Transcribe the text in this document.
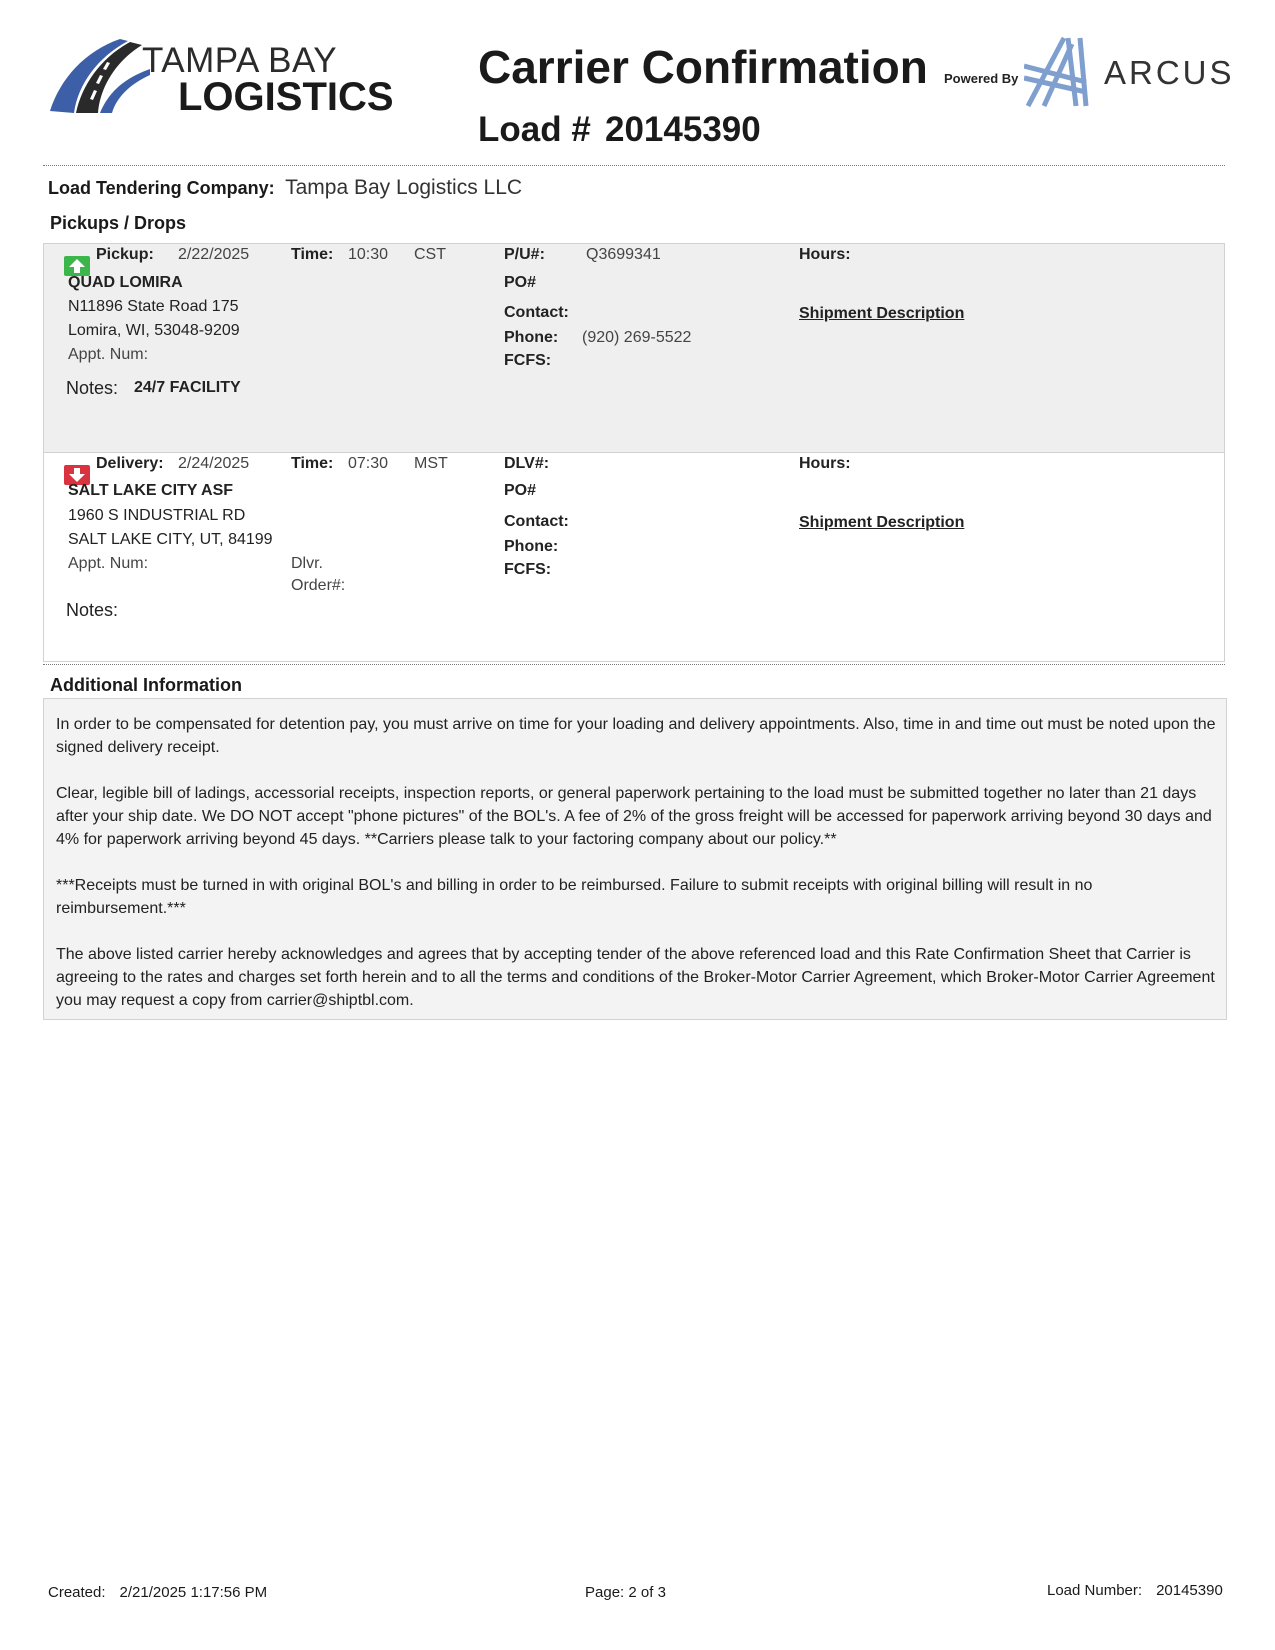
TAMPA BAY
LOGISTICS
Carrier Confirmation
Load # 20145390
Powered By	ARCUS
Load Tendering Company: Tampa Bay Logistics LLC
Pickups / Drops
Pickup: 2/22/2025	Time: 10:30 CST
QUAD LOMIRA
N11896 State Road 175
Lomira, WI, 53048-9209
Appt. Num:
Notes: 24/7 FACILITY
P/U#:	Q3699341
PO#
Contact:
Phone: (920) 269-5522
FCFS:
Hours:
Shipment Description
Delivery: 2/24/2025	Time: 07:30 MST
SALT LAKE CITY ASF
1960 S INDUSTRIAL RD
SALT LAKE CITY, UT, 84199
Appt. Num:	Dlvr.
Order#:
Notes:
DLV#:
PO#
Contact:
Phone:
FCFS:
Hours:
Shipment Description
Additional Information

In order to be compensated for detention pay, you must arrive on time for your loading and delivery appointments. Also, time in and time out must be noted upon the signed delivery receipt.

Clear, legible bill of ladings, accessorial receipts, inspection reports, or general paperwork pertaining to the load must be submitted together no later than 21 days after your ship date. We DO NOT accept "phone pictures" of the BOL's. A fee of 2% of the gross freight will be accessed for paperwork arriving beyond 30 days and 4% for paperwork arriving beyond 45 days. **Carriers please talk to your factoring company about our policy.**

***Receipts must be turned in with original BOL's and billing in order to be reimbursed. Failure to submit receipts with original billing will result in no reimbursement.***

The above listed carrier hereby acknowledges and agrees that by accepting tender of the above referenced load and this Rate Confirmation Sheet that Carrier is agreeing to the rates and charges set forth herein and to all the terms and conditions of the Broker-Motor Carrier Agreement, which Broker-Motor Carrier Agreement you may request a copy from carrier@shiptbl.com.

Created: 2/21/2025 1:17:56 PM	Page: 2 of 3	Load Number: 20145390
